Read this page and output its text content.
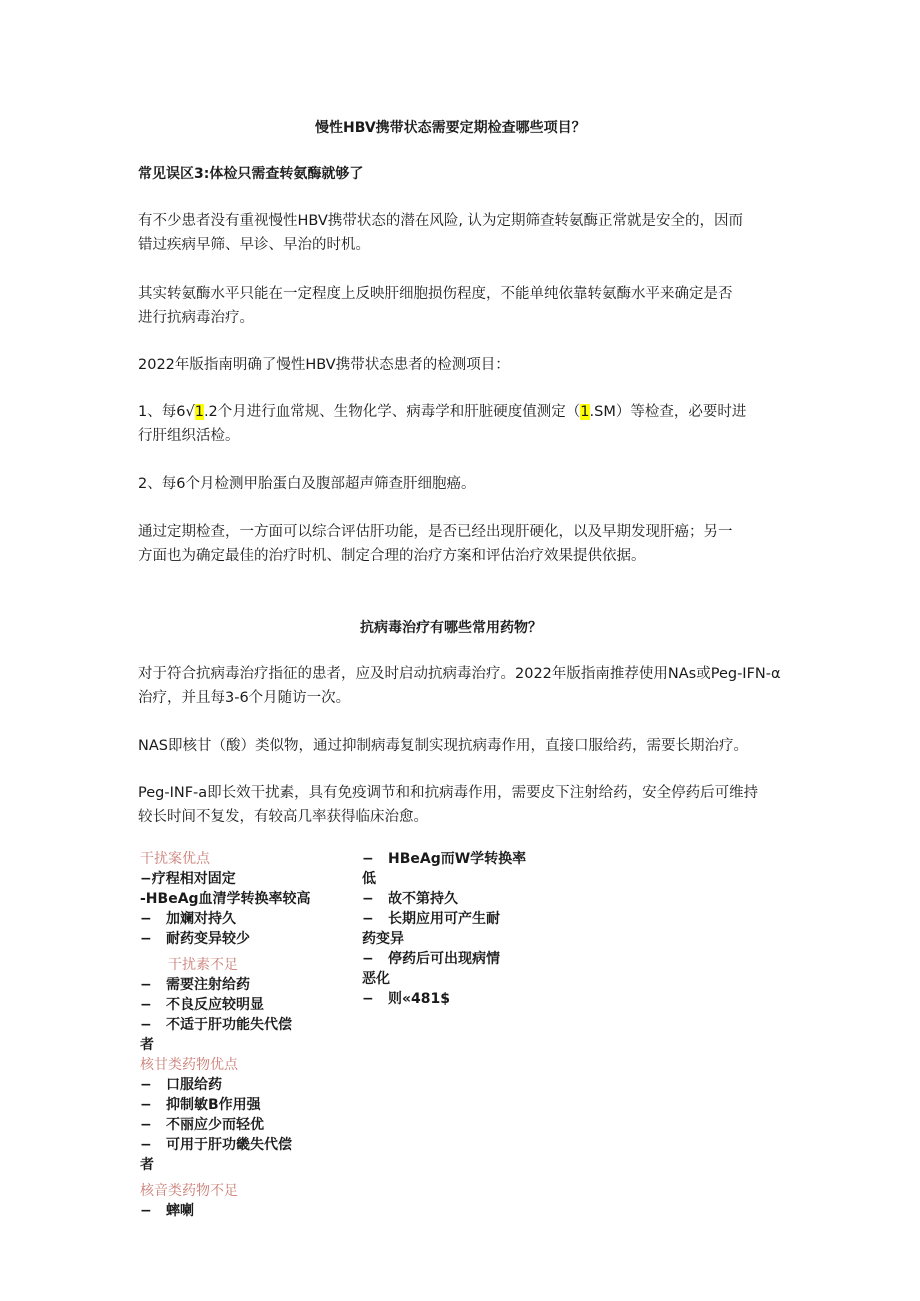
慢性HBV携带状态需要定期检查哪些项目？
常见误区3:体检只需查转氨酶就够了
有不少患者没有重视慢性HBV携带状态的潜在风险, 认为定期筛查转氨酶正常就是安全的，因而
错过疾病早筛、早诊、早治的时机。
其实转氨酶水平只能在一定程度上反映肝细胞损伤程度，不能单纯依靠转氨酶水平来确定是否
进行抗病毒治疗。
2022年版指南明确了慢性HBV携带状态患者的检测项目：
1、每6√1.2个月进行血常规、生物化学、病毒学和肝脏硬度值测定（1.SM）等检查，必要时进
行肝组织活检。
2、每6个月检测甲胎蛋白及腹部超声筛查肝细胞癌。
通过定期检查，一方面可以综合评估肝功能，是否已经出现肝硬化，以及早期发现肝癌；另一
方面也为确定最佳的治疗时机、制定合理的治疗方案和评估治疗效果提供依据。
抗病毒治疗有哪些常用药物？
对于符合抗病毒治疗指征的患者，应及时启动抗病毒治疗。2022年版指南推荐使用NAs或Peg-IFN-α
治疗，并且每3-6个月随访一次。
NAS即核甘（酸）类似物，通过抑制病毒复制实现抗病毒作用，直接口服给药，需要长期治疗。
Peg-INF-a即长效干扰素，具有免疫调节和和抗病毒作用，需要皮下注射给药，安全停药后可维持
较长时间不复发，有较高几率获得临床治愈。
干扰案优点
−疗程相对固定
-HBeAg血清学转换率较高
− 加斓对持久
− 耐药变异较少
干扰素不足
− 需要注射给药
− 不良反应较明显
− 不适于肝功能失代偿
者
核甘类药物优点
− 口服给药
− 抑制敏B作用强
− 不丽应少而轻优
− 可用于肝功畿失代偿
者
核音类药物不足
− 蟀喇
− HBeAg而W学转换率
低
− 故不第持久
− 长期应用可产生耐
药变异
− 停药后可出现病情
恶化
− 则«481$
